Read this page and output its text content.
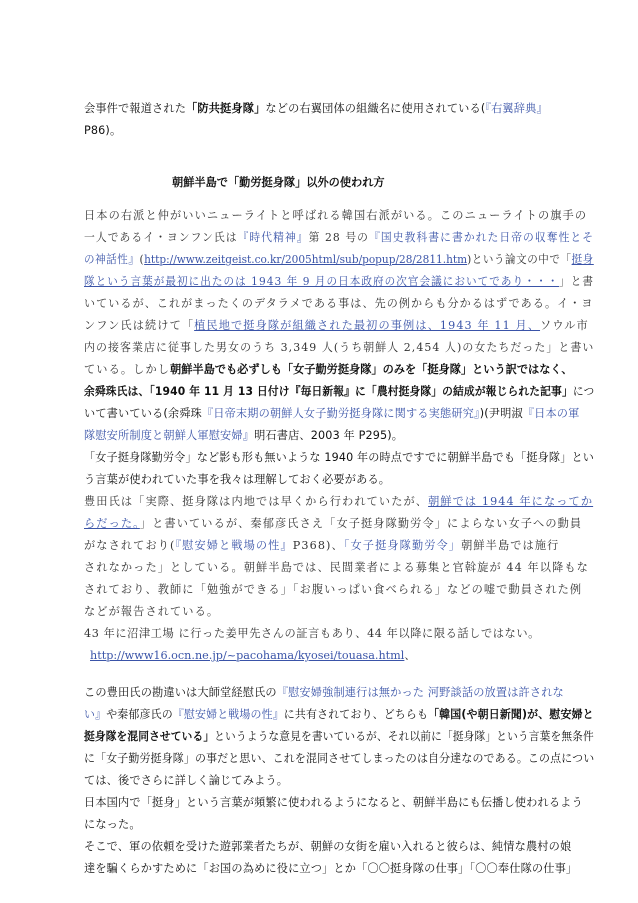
会事件で報道された「防共挺身隊」などの右翼団体の組織名に使用されている(『右翼辞典』
P86)。
朝鮮半島で「勤労挺身隊」以外の使われ方
日本の右派と仲がいいニューライトと呼ばれる韓国右派がいる。このニューライトの旗手の
一人であるイ・ヨンフン氏は『時代精神』第 28 号の『国史教科書に書かれた日帝の収奪性とそ
の神話性』(http://www.zeitgeist.co.kr/2005html/sub/popup/28/2811.htm)という論文の中で「挺身
隊という言葉が最初に出たのは 1943 年 9 月の日本政府の次官会議においてであり・・・」と書
いているが、これがまったくのデタラメである事は、先の例からも分かるはずである。イ・ヨ
ンフン氏は続けて「植民地で挺身隊が組織された最初の事例は、1943 年 11 月、ソウル市
内の接客業店に従事した男女のうち 3,349 人(うち朝鮮人 2,454 人)の女たちだった」と書い
ている。しかし朝鮮半島でも必ずしも「女子勤労挺身隊」のみを「挺身隊」という訳ではなく、
余舜珠氏は、「1940 年 11 月 13 日付け『毎日新報』に「農村挺身隊」の結成が報じられた記事」につ
いて書いている(余舜珠『日帝末期の朝鮮人女子勤労挺身隊に関する実態研究』)(尹明淑『日本の軍
隊慰安所制度と朝鮮人軍慰安婦』明石書店、2003 年 P295)。
「女子挺身隊勤労令」など影も形も無いような 1940 年の時点ですでに朝鮮半島でも「挺身隊」とい
う言葉が使われていた事を我々は理解しておく必要がある。
豊田氏は「実際、挺身隊は内地では早くから行われていたが、朝鮮では 1944 年になってか
らだった。」と書いているが、秦郁彦氏さえ「女子挺身隊勤労令」によらない女子への動員
がなされており(『慰安婦と戦場の性』P368)、「女子挺身隊勤労令」朝鮮半島では施行
されなかった」としている。朝鮮半島では、民間業者による募集と官斡旋が 44 年以降もな
されており、教師に「勉強ができる」「お腹いっぱい食べられる」などの嘘で動員された例
などが報告されている。
43 年に沼津工場 に行った姜甲先さんの証言もあり、44 年以降に限る話しではない。
http://www16.ocn.ne.jp/~pacohama/kyosei/touasa.html、
この豊田氏の勘違いは大師堂経慰氏の『慰安婦強制連行は無かった 河野談話の放置は許されな
い』や秦郁彦氏の『慰安婦と戦場の性』に共有されており、どちらも「韓国(や朝日新聞)が、慰安婦と
挺身隊を混同させている」というような意見を書いているが、それ以前に「挺身隊」という言葉を無条件
に「女子勤労挺身隊」の事だと思い、これを混同させてしまったのは自分達なのである。この点につい
ては、後でさらに詳しく論じてみよう。
日本国内で「挺身」という言葉が頻繁に使われるようになると、朝鮮半島にも伝播し使われるよう
になった。
そこで、軍の依頼を受けた遊郭業者たちが、朝鮮の女街を雇い入れると彼らは、純情な農村の娘
達を騙くらかすために「お国の為めに役に立つ」とか「〇〇挺身隊の仕事」「〇〇奉仕隊の仕事」
